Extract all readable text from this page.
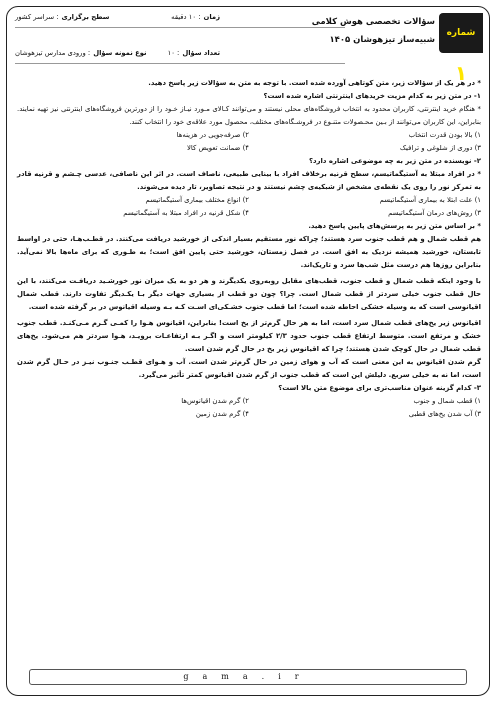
زمان: ۱۰ دقیقه
سطح برگزاری: سراسر کشور
تعداد سؤال: ۱۰
نوع نمونه سؤال: ورودی مدارس تیزهوشان
شماره ۱
سؤالات تخصصی هوش کلامی
شبیه‌ساز تیزهوشان ۱۴۰۵

* در هر یک از سؤالات زیر، متن کوتاهی آورده شده است. با توجه به متن به سؤالات زیر پاسخ دهید.

۱- در متن زیر به کدام مزیت خریدهای اینترنتی اشاره شده است؟

* هنگام خرید اینترنتی، کاربران محدود به انتخاب فروشگاه‌های محلی نیستند و می‌توانند کـالای مـورد نیـاز خـود را از دورترین فروشگاه‌های اینترنتی نیز تهیه نمایند. بنابراین، این کاربران می‌توانند از بـین محـصولات متنـوع در فروشـگاه‌های مختلف، محصول مورد علاقه‌ی خود را انتخاب کنند.

۱) بالا بودن قدرت انتخاب
۲) صرفه‌جویی در هزینه‌ها
۳) دوری از شلوغی و ترافیک
۴) ضمانت تعویض کالا

۲- نویسنده در متن زیر به چه موضوعی اشاره دارد؟

* در افراد مبتلا به آستیگماتیسم، سطح قرنیه برخلاف افراد با بینایی طبیعی، ناصاف است. در اثر این ناصافی، عدسی چـشم و قرنیه قادر به تمرکز نور را روی یک نقطه‌ی مشخص از شبکیه‌ی چشم نیستند و در نتیجه تصاویر، تار دیده می‌شوند.

۱) علت ابتلا به بیماری آستیگماتیسم
۲) انواع مختلف بیماری آستیگماتیسم
۳) روش‌های درمان آستیگماتیسم
۴) شکل قرنیه در افراد مبتلا به آستیگماتیسم

* بر اساس متن زیر به پرسش‌های پایین پاسخ دهید.

هم قطب شمال و هم قطب جنوب سرد هستند؛ چراکه نور مستقیم بسیار اندکی از خورشید دریافت می‌کنند. در قطـب‌هـا، حتی در اواسط تابستان، خورشید همیشه نزدیک به افق است. در فصل زمستان، خورشید حتی پایین افق است؛ به طـوری که برای ماه‌ها بالا نمی‌آید. بنابراین روزها هم درست مثل شب‌ها سرد و تاریک‌اند.

با وجود اینکه قطب شمال و قطب جنوب، قطب‌های مقابل روبه‌روی یکدیگرند و هر دو به یک میزان نور خورشـید دریافـت می‌کنند، با این حال قطب جنوب خیلی سردتر از قطب شمال است. چرا؟ چون دو قطب از بسیاری جهات دیگر بـا یکـدیگر تفاوت دارند. قطب شمال اقیانوسی است که به وسیله خشکی احاطه شده است؛ اما قطب جنوب خشـکی‌ای اسـت کـه بـه وسیله اقیانوس در بر گرفته شده است.

اقیانوس زیر یخ‌های قطب شمال سرد است، اما به هر حال گرم‌تر از یخ است! بنابراین، اقیانوس هـوا را کمـی گـرم مـی‌کنـد. قطب جنوب خشک و مرتفع است. متوسط ارتفاع قطب جنوب حدود ۲/۳ کیلومتر است و اگـر بـه ارتفاعـات برویـد، هـوا سردتر هم می‌شود. یخ‌های قطب شمال در حال کوچک شدن هستند؛ چرا که اقیانوس زیر یخ در حال گرم شدن است.

گرم شدن اقیانوس به این معنی است که آب و هوای زمین در حال گرم‌تر شدن است. آب و هـوای قطـب جنـوب نیـز در حـال گرم شدن است، اما نه به خیلی سریع. دلیلش این است که قطب جنوب از گرم شدن اقیانوس کمتر تأثیر می‌گیرد.

۳- کدام گزینه عنوان مناسب‌تری برای موضوع متن بالا است؟

۱) قطب شمال و جنوب
۲) گرم شدن اقیانوس‌ها
۳) آب شدن یخ‌های قطبی
۴) گرم شدن زمین
gama.ir
